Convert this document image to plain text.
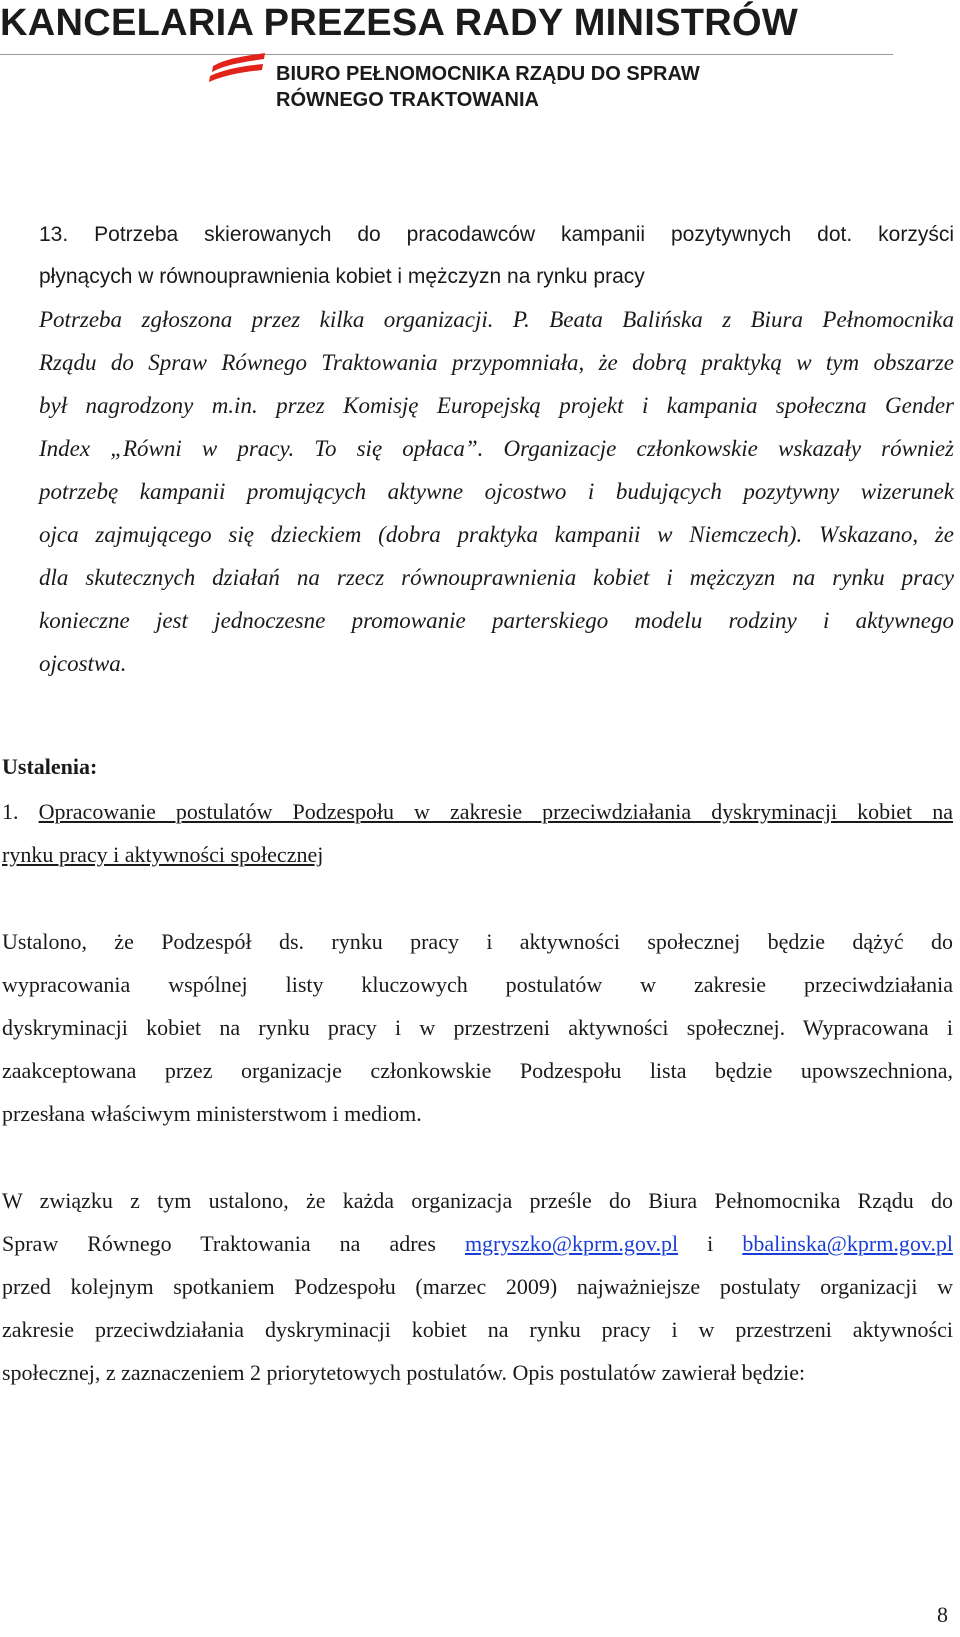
KANCELARIA PREZESA RADY MINISTRÓW
BIURO PEŁNOMOCNIKA RZĄDU DO SPRAW
RÓWNEGO TRAKTOWANIA
13. Potrzeba skierowanych do pracodawców kampanii pozytywnych dot. korzyści
płynących w równouprawnienia kobiet i mężczyzn na rynku pracy
Potrzeba zgłoszona przez kilka organizacji. P. Beata Balińska z Biura Pełnomocnika
Rządu do Spraw Równego Traktowania przypomniała, że dobrą praktyką w tym obszarze
był nagrodzony m.in. przez Komisję Europejską projekt i kampania społeczna Gender
Index „Równi w pracy. To się opłaca”. Organizacje członkowskie wskazały również
potrzebę kampanii promujących aktywne ojcostwo i budujących pozytywny wizerunek
ojca zajmującego się dzieckiem (dobra praktyka kampanii w Niemczech). Wskazano, że
dla skutecznych działań na rzecz równouprawnienia kobiet i mężczyzn na rynku pracy
konieczne jest jednoczesne promowanie parterskiego modelu rodziny i aktywnego
ojcostwa.
Ustalenia:
1. Opracowanie postulatów Podzespołu w zakresie przeciwdziałania dyskryminacji kobiet na
rynku pracy i aktywności społecznej
Ustalono, że Podzespół ds. rynku pracy i aktywności społecznej będzie dążyć do
wypracowania wspólnej listy kluczowych postulatów w zakresie przeciwdziałania
dyskryminacji kobiet na rynku pracy i w przestrzeni aktywności społecznej. Wypracowana i
zaakceptowana przez organizacje członkowskie Podzespołu lista będzie upowszechniona,
przesłana właściwym ministerstwom i mediom.
W związku z tym ustalono, że każda organizacja prześle do Biura Pełnomocnika Rządu do
Spraw Równego Traktowania na adres mgryszko@kprm.gov.pl i bbalinska@kprm.gov.pl
przed kolejnym spotkaniem Podzespołu (marzec 2009) najważniejsze postulaty organizacji w
zakresie przeciwdziałania dyskryminacji kobiet na rynku pracy i w przestrzeni aktywności
społecznej, z zaznaczeniem 2 priorytetowych postulatów. Opis postulatów zawierał będzie:
8
